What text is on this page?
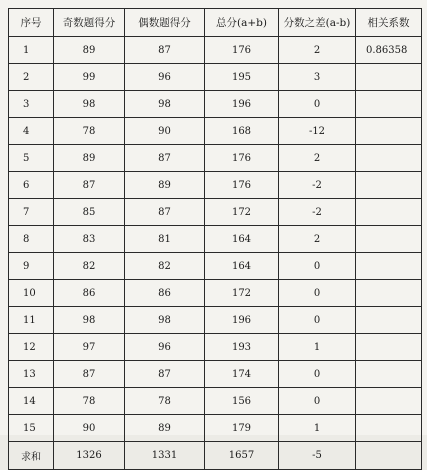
序号	奇数题得分	偶数题得分	总分(a+b)	分数之差(a-b)	相关系数
1	89	87	176	2	0.86358
2	99	96	195	3	
3	98	98	196	0	
4	78	90	168	-12	
5	89	87	176	2	
6	87	89	176	-2	
7	85	87	172	-2	
8	83	81	164	2	
9	82	82	164	0	
10	86	86	172	0	
11	98	98	196	0	
12	97	96	193	1	
13	87	87	174	0	
14	78	78	156	0	
15	90	89	179	1	
求和	1326	1331	1657	-5	
